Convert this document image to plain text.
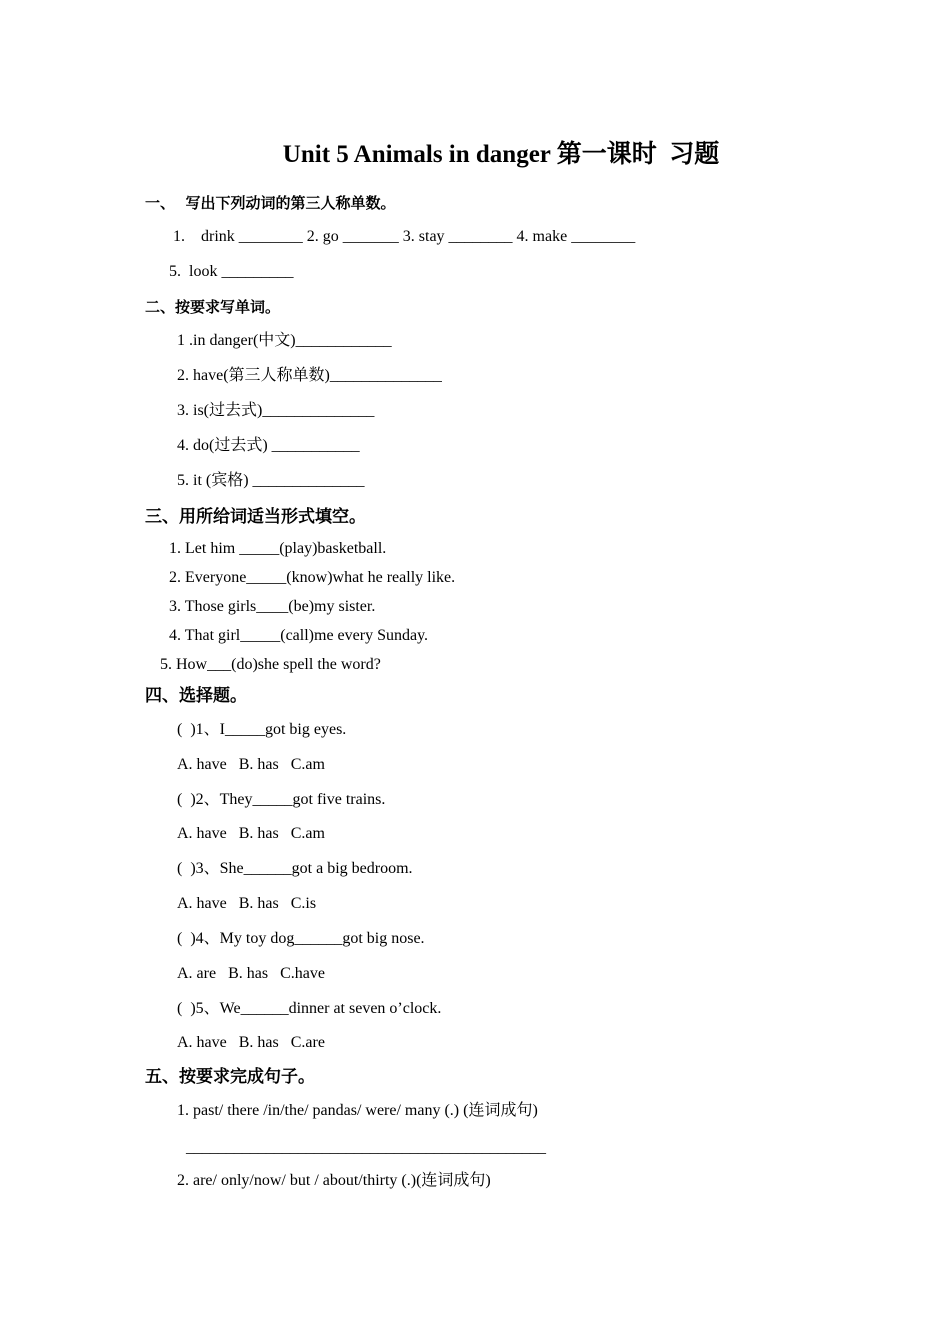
Unit 5 Animals in danger 第一课时  习题
一、  写出下列动词的第三人称单数。
1.    drink ________ 2. go _______ 3. stay ________ 4. make ________
5.  look _________
二、按要求写单词。
1 .in danger(中文)____________
2. have(第三人称单数)______________
3. is(过去式)______________
4. do(过去式) ___________
5. it (宾格) ______________
三、用所给词适当形式填空。
1. Let him _____(play)basketball.
2. Everyone_____(know)what he really like.
3. Those girls____(be)my sister.
4. That girl_____(call)me every Sunday.
5. How___(do)she spell the word?
四、选择题。
(  )1、I_____got big eyes.
A. have   B. has   C.am
(  )2、They_____got five trains.
A. have   B. has   C.am
(  )3、She______got a big bedroom.
A. have   B. has   C.is
(  )4、My toy dog______got big nose.
A. are   B. has   C.have
(  )5、We______dinner at seven o’clock.
A. have   B. has   C.are
五、按要求完成句子。
1. past/ there /in/the/ pandas/ were/ many (.) (连词成句)
_____________________________________________
2. are/ only/now/ but / about/thirty (.)(连词成句)
